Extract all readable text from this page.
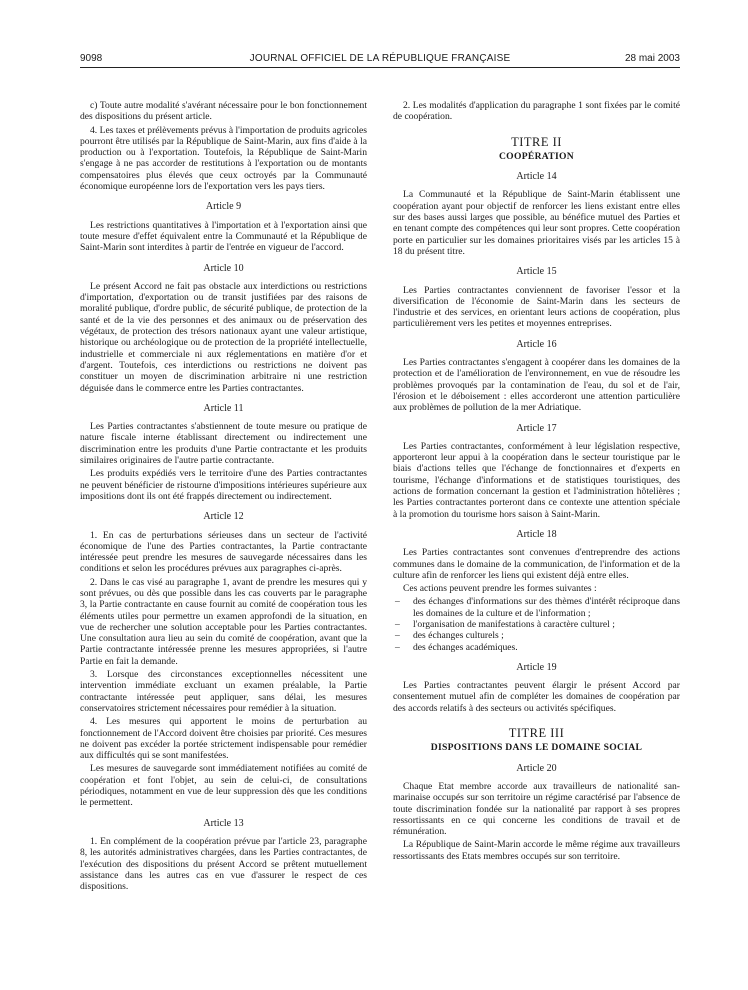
9098	JOURNAL OFFICIEL DE LA RÉPUBLIQUE FRANÇAISE	28 mai 2003

c) Toute autre modalité s'avérant nécessaire pour le bon fonctionnement des dispositions du présent article.

4. Les taxes et prélèvements prévus à l'importation de produits agricoles pourront être utilisés par la République de Saint-Marin, aux fins d'aide à la production ou à l'exportation. Toutefois, la République de Saint-Marin s'engage à ne pas accorder de restitutions à l'exportation ou de montants compensatoires plus élevés que ceux octroyés par la Communauté économique européenne lors de l'exportation vers les pays tiers.

Article 9

Les restrictions quantitatives à l'importation et à l'exportation ainsi que toute mesure d'effet équivalent entre la Communauté et la République de Saint-Marin sont interdites à partir de l'entrée en vigueur de l'accord.

Article 10

Le présent Accord ne fait pas obstacle aux interdictions ou restrictions d'importation, d'exportation ou de transit justifiées par des raisons de moralité publique, d'ordre public, de sécurité publique, de protection de la santé et de la vie des personnes et des animaux ou de préservation des végétaux, de protection des trésors nationaux ayant une valeur artistique, historique ou archéologique ou de protection de la propriété intellectuelle, industrielle et commerciale ni aux réglementations en matière d'or et d'argent. Toutefois, ces interdictions ou restrictions ne doivent pas constituer un moyen de discrimination arbitraire ni une restriction déguisée dans le commerce entre les Parties contractantes.

Article 11

Les Parties contractantes s'abstiennent de toute mesure ou pratique de nature fiscale interne établissant directement ou indirectement une discrimination entre les produits d'une Partie contractante et les produits similaires originaires de l'autre partie contractante.

Les produits expédiés vers le territoire d'une des Parties contractantes ne peuvent bénéficier de ristourne d'impositions intérieures supérieure aux impositions dont ils ont été frappés directement ou indirectement.

Article 12

1. En cas de perturbations sérieuses dans un secteur de l'activité économique de l'une des Parties contractantes, la Partie contractante intéressée peut prendre les mesures de sauvegarde nécessaires dans les conditions et selon les procédures prévues aux paragraphes ci-après.

2. Dans le cas visé au paragraphe 1, avant de prendre les mesures qui y sont prévues, ou dès que possible dans les cas couverts par le paragraphe 3, la Partie contractante en cause fournit au comité de coopération tous les éléments utiles pour permettre un examen approfondi de la situation, en vue de rechercher une solution acceptable pour les Parties contractantes. Une consultation aura lieu au sein du comité de coopération, avant que la Partie contractante intéressée prenne les mesures appropriées, si l'autre Partie en fait la demande.

3. Lorsque des circonstances exceptionnelles nécessitent une intervention immédiate excluant un examen préalable, la Partie contractante intéressée peut appliquer, sans délai, les mesures conservatoires strictement nécessaires pour remédier à la situation.

4. Les mesures qui apportent le moins de perturbation au fonctionnement de l'Accord doivent être choisies par priorité. Ces mesures ne doivent pas excéder la portée strictement indispensable pour remédier aux difficultés qui se sont manifestées.

Les mesures de sauvegarde sont immédiatement notifiées au comité de coopération et font l'objet, au sein de celui-ci, de consultations périodiques, notamment en vue de leur suppression dès que les conditions le permettent.

Article 13

1. En complément de la coopération prévue par l'article 23, paragraphe 8, les autorités administratives chargées, dans les Parties contractantes, de l'exécution des dispositions du présent Accord se prêtent mutuellement assistance dans les autres cas en vue d'assurer le respect de ces dispositions.

2. Les modalités d'application du paragraphe 1 sont fixées par le comité de coopération.

TITRE II
COOPÉRATION
Article 14

La Communauté et la République de Saint-Marin établissent une coopération ayant pour objectif de renforcer les liens existant entre elles sur des bases aussi larges que possible, au bénéfice mutuel des Parties et en tenant compte des compétences qui leur sont propres. Cette coopération porte en particulier sur les domaines prioritaires visés par les articles 15 à 18 du présent titre.

Article 15

Les Parties contractantes conviennent de favoriser l'essor et la diversification de l'économie de Saint-Marin dans les secteurs de l'industrie et des services, en orientant leurs actions de coopération, plus particulièrement vers les petites et moyennes entreprises.

Article 16

Les Parties contractantes s'engagent à coopérer dans les domaines de la protection et de l'amélioration de l'environnement, en vue de résoudre les problèmes provoqués par la contamination de l'eau, du sol et de l'air, l'érosion et le déboisement : elles accorderont une attention particulière aux problèmes de pollution de la mer Adriatique.

Article 17

Les Parties contractantes, conformément à leur législation respective, apporteront leur appui à la coopération dans le secteur touristique par le biais d'actions telles que l'échange de fonctionnaires et d'experts en tourisme, l'échange d'informations et de statistiques touristiques, des actions de formation concernant la gestion et l'administration hôtelières ; les Parties contractantes porteront dans ce contexte une attention spéciale à la promotion du tourisme hors saison à Saint-Marin.

Article 18

Les Parties contractantes sont convenues d'entreprendre des actions communes dans le domaine de la communication, de l'information et de la culture afin de renforcer les liens qui existent déjà entre elles.

Ces actions peuvent prendre les formes suivantes :

– des échanges d'informations sur des thèmes d'intérêt réciproque dans les domaines de la culture et de l'information ;
– l'organisation de manifestations à caractère culturel ;
– des échanges culturels ;
– des échanges académiques.
Article 19

Les Parties contractantes peuvent élargir le présent Accord par consentement mutuel afin de compléter les domaines de coopération par des accords relatifs à des secteurs ou activités spécifiques.

TITRE III
DISPOSITIONS DANS LE DOMAINE SOCIAL
Article 20

Chaque Etat membre accorde aux travailleurs de nationalité san-marinaise occupés sur son territoire un régime caractérisé par l'absence de toute discrimination fondée sur la nationalité par rapport à ses propres ressortissants en ce qui concerne les conditions de travail et de rémunération.

La République de Saint-Marin accorde le même régime aux travailleurs ressortissants des Etats membres occupés sur son territoire.
